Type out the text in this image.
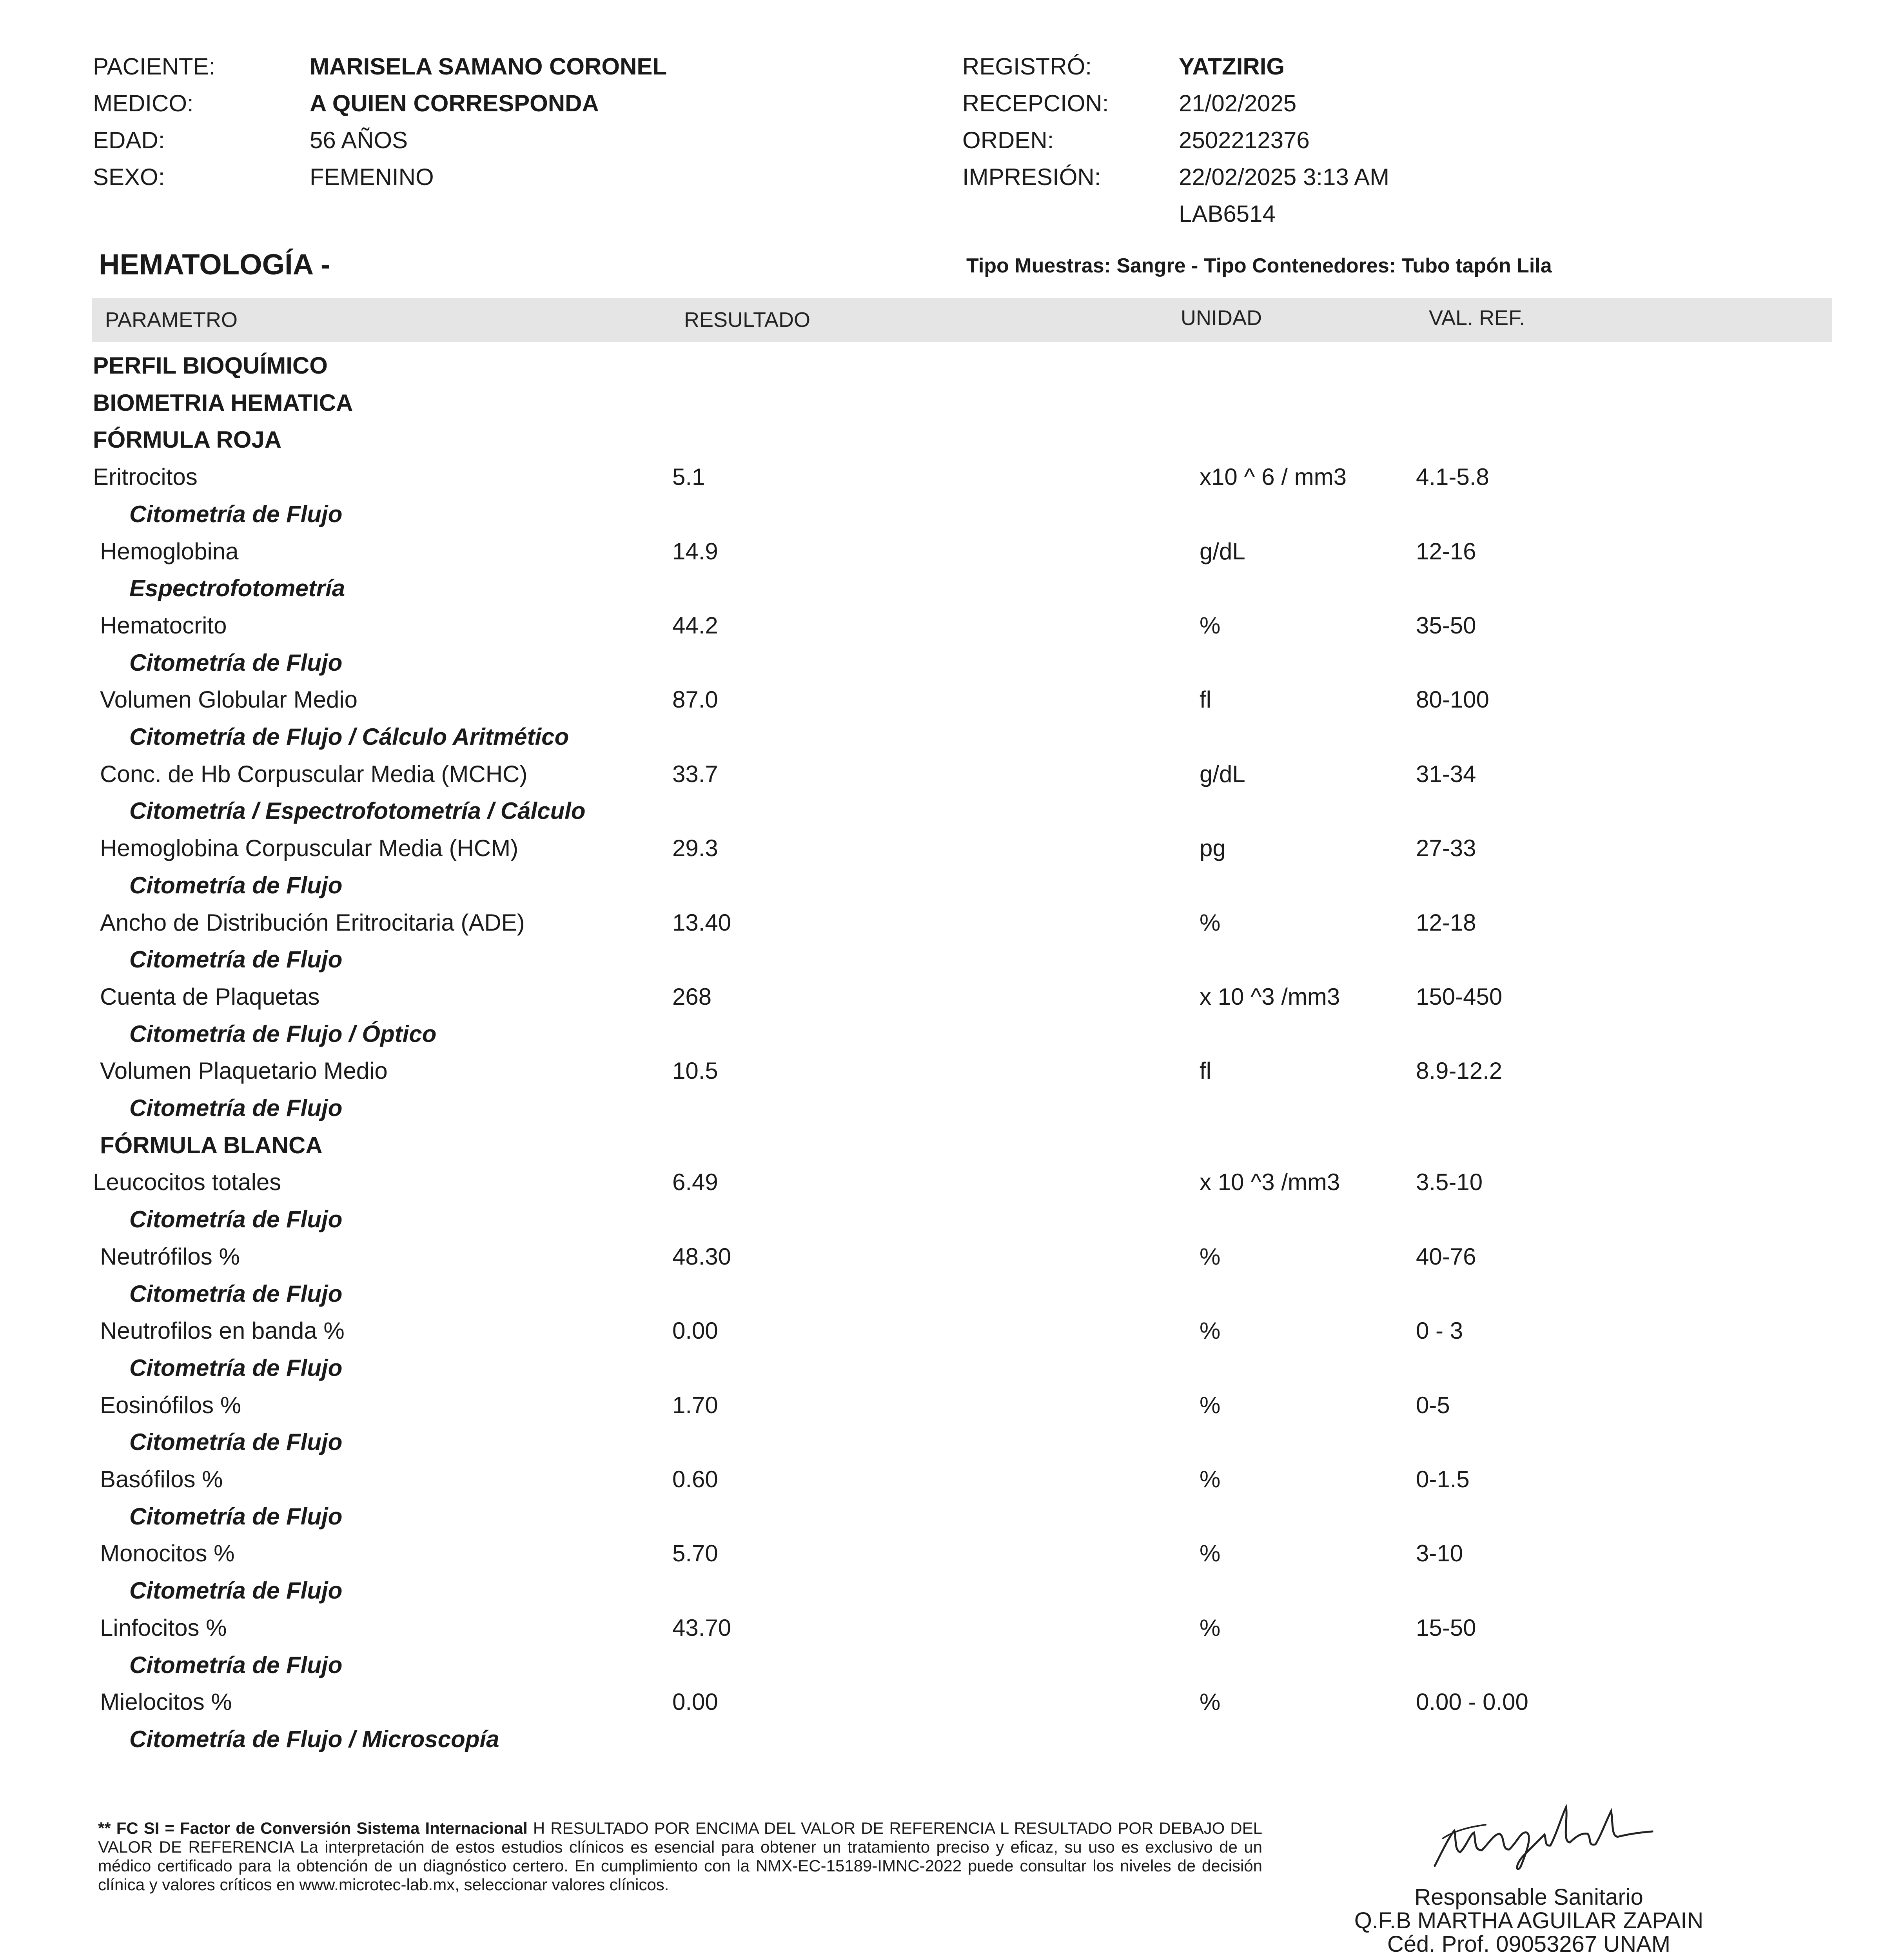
PACIENTE:	MARISELA SAMANO CORONEL
MEDICO:	A QUIEN CORRESPONDA
EDAD:	56 AÑOS
SEXO:	FEMENINO
REGISTRÓ:	YATZIRIG
RECEPCION:	21/02/2025
ORDEN:	2502212376
IMPRESIÓN:	22/02/2025 3:13 AM
LAB6514
HEMATOLOGÍA -	Tipo Muestras: Sangre - Tipo Contenedores: Tubo tapón Lila
PARAMETRO	RESULTADO	UNIDAD	VAL. REF.
PERFIL BIOQUÍMICO
BIOMETRIA HEMATICA
FÓRMULA ROJA
Eritrocitos	5.1	x10 ^ 6 / mm3	4.1-5.8
Citometría de Flujo
Hemoglobina	14.9	g/dL	12-16
Espectrofotometría
Hematocrito	44.2	%	35-50
Citometría de Flujo
Volumen Globular Medio	87.0	fl	80-100
Citometría de Flujo / Cálculo Aritmético
Conc. de Hb Corpuscular Media (MCHC)	33.7	g/dL	31-34
Citometría / Espectrofotometría / Cálculo
Hemoglobina Corpuscular Media (HCM)	29.3	pg	27-33
Citometría de Flujo
Ancho de Distribución Eritrocitaria (ADE)	13.40	%	12-18
Citometría de Flujo
Cuenta de Plaquetas	268	x 10 ^3 /mm3	150-450
Citometría de Flujo / Óptico
Volumen Plaquetario Medio	10.5	fl	8.9-12.2
Citometría de Flujo
FÓRMULA BLANCA
Leucocitos totales	6.49	x 10 ^3 /mm3	3.5-10
Citometría de Flujo
Neutrófilos %	48.30	%	40-76
Citometría de Flujo
Neutrofilos en banda %	0.00	%	0 - 3
Citometría de Flujo
Eosinófilos %	1.70	%	0-5
Citometría de Flujo
Basófilos %	0.60	%	0-1.5
Citometría de Flujo
Monocitos %	5.70	%	3-10
Citometría de Flujo
Linfocitos %	43.70	%	15-50
Citometría de Flujo
Mielocitos %	0.00	%	0.00 - 0.00
Citometría de Flujo / Microscopía
** FC SI = Factor de Conversión Sistema Internacional H RESULTADO POR ENCIMA DEL VALOR DE REFERENCIA L RESULTADO POR DEBAJO DEL VALOR DE REFERENCIA La interpretación de estos estudios clínicos es esencial para obtener un tratamiento preciso y eficaz, su uso es exclusivo de un médico certificado para la obtención de un diagnóstico certero. En cumplimiento con la NMX-EC-15189-IMNC-2022 puede consultar los niveles de decisión clínica y valores críticos en www.microtec-lab.mx, seleccionar valores clínicos.	Responsable Sanitario
Q.F.B MARTHA AGUILAR ZAPAIN
Céd. Prof. 09053267 UNAM
